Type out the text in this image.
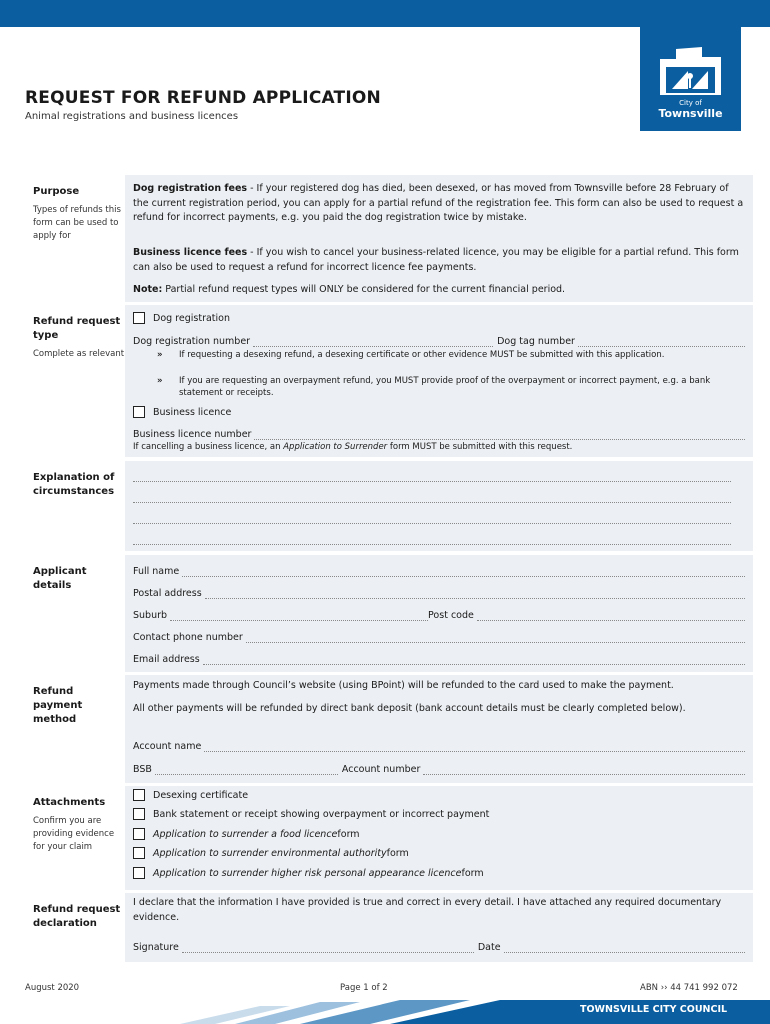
City of
Townsville
REQUEST FOR REFUND APPLICATION
Animal registrations and business licences
Purpose
Types of refunds this form can be used to apply for
Dog registration fees - If your registered dog has died, been desexed, or has moved from Townsville before 28 February of the current registration period, you can apply for a partial refund of the registration fee. This form can also be used to request a refund for incorrect payments, e.g. you paid the dog registration twice by mistake.
Business licence fees - If you wish to cancel your business-related licence, you may be eligible for a partial refund. This form can also be used to request a refund for incorrect licence fee payments.
Note: Partial refund request types will ONLY be considered for the current financial period.
Refund request type
Complete as relevant
Dog registration
Dog registration number	Dog tag number
» If requesting a desexing refund, a desexing certificate or other evidence MUST be submitted with this application.
» If you are requesting an overpayment refund, you MUST provide proof of the overpayment or incorrect payment, e.g. a bank statement or receipts.
Business licence
Business licence number
If cancelling a business licence, an Application to Surrender form MUST be submitted with this request.
Explanation of circumstances
Applicant details
Full name
Postal address
Suburb	Post code
Contact phone number
Email address
Refund payment method
Payments made through Council’s website (using BPoint) will be refunded to the card used to make the payment.
All other payments will be refunded by direct bank deposit (bank account details must be clearly completed below).
Account name
BSB	Account number
Attachments
Confirm you are providing evidence for your claim
Desexing certificate
Bank statement or receipt showing overpayment or incorrect payment
Application to surrender a food licence form
Application to surrender environmental authority form
Application to surrender higher risk personal appearance licence form
Refund request declaration
I declare that the information I have provided is true and correct in every detail. I have attached any required documentary evidence.
Signature	Date
August 2020	Page 1 of 2	ABN ›› 44 741 992 072
TOWNSVILLE CITY COUNCIL
